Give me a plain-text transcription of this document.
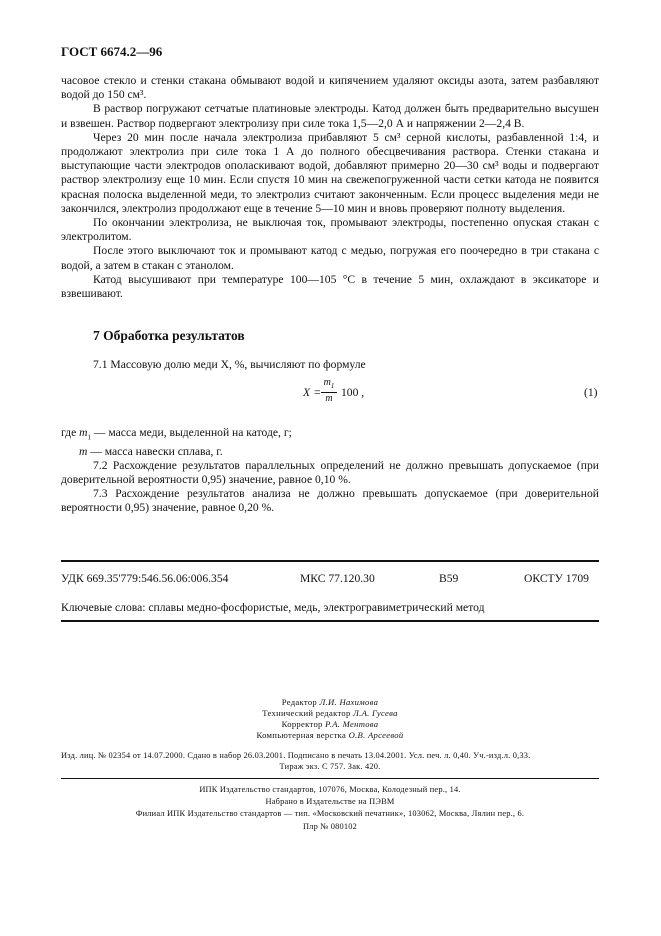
ГОСТ 6674.2—96

часовое стекло и стенки стакана обмывают водой и кипячением удаляют оксиды азота, затем разбавляют водой до 150 см³.

В раствор погружают сетчатые платиновые электроды. Катод должен быть предварительно высушен и взвешен. Раствор подвергают электролизу при силе тока 1,5—2,0 А и напряжении 2—2,4 В.

Через 20 мин после начала электролиза прибавляют 5 см³ серной кислоты, разбавленной 1:4, и продолжают электролиз при силе тока 1 А до полного обесцвечивания раствора. Стенки стакана и выступающие части электродов ополаскивают водой, добавляют примерно 20—30 см³ воды и подвергают раствор электролизу еще 10 мин. Если спустя 10 мин на свежепогруженной части сетки катода не появится красная полоска выделенной меди, то электролиз считают законченным. Если процесс выделения меди не закончился, электролиз продолжают еще в течение 5—10 мин и вновь проверяют полноту выделения.

По окончании электролиза, не выключая ток, промывают электроды, постепенно опуская стакан с электролитом.

После этого выключают ток и промывают катод с медью, погружая его поочередно в три стакана с водой, а затем в стакан с этанолом.

Катод высушивают при температуре 100—105 °С в течение 5 мин, охлаждают в эксикаторе и взвешивают.

7 Обработка результатов
7.1 Массовую долю меди X, %, вычисляют по формуле
$X = \frac{m_1}{m} 100$ ,	(1)

где $m_1$ — масса меди, выделенной на катоде, г;

m — масса навески сплава, г.

7.2 Расхождение результатов параллельных определений не должно превышать допускаемое (при доверительной вероятности 0,95) значение, равное 0,10 %.

7.3 Расхождение результатов анализа не должно превышать допускаемое (при доверительной вероятности 0,95) значение, равное 0,20 %.

УДК 669.35'779:546.56.06:006.354	МКС 77.120.30	В59	ОКСТУ 1709
Ключевые слова: сплавы медно-фосфористые, медь, электрогравиметрический метод
Редактор Л.И. Нахимова
Технический редактор Л.А. Гусева
Корректор Р.А. Ментова
Компьютерная верстка О.В. Арсеевой
Изд. лиц. № 02354 от 14.07.2000. Сдано в набор 26.03.2001. Подписано в печать 13.04.2001. Усл. печ. л. 0,40. Уч.-изд.л. 0,33.
Тираж экз. С 757. Зак. 420.
ИПК Издательство стандартов, 107076, Москва, Колодезный пер., 14.
Набрано в Издательстве на ПЭВМ
Филиал ИПК Издательство стандартов — тип. «Московский печатник», 103062, Москва, Лялин пер., 6.
Плр № 080102
